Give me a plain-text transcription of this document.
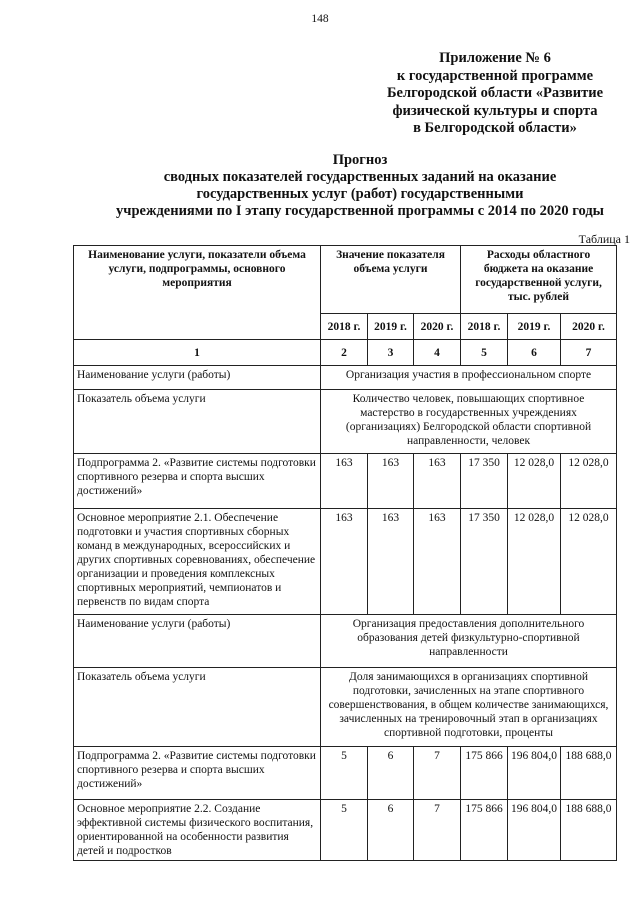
148
Приложение № 6
к государственной программе
Белгородской области «Развитие
физической культуры и спорта
в Белгородской области»
Прогноз
сводных показателей государственных заданий на оказание
государственных услуг (работ) государственными
учреждениями по I этапу государственной программы с 2014 по 2020 годы
Таблица 1
Наименование услуги, показатели объема услуги, подпрограммы, основного мероприятия	Значение показателя объема услуги			Расходы областного бюджета на оказание государственной услуги, тыс. рублей		
	2018 г.	2019 г.	2020 г.	2018 г.	2019 г.	2020 г.
1	2	3	4	5	6	7
Наименование услуги (работы)	Организация участия в профессиональном спорте					
Показатель объема услуги	Количество человек, повышающих спортивное мастерство в государственных учреждениях (организациях) Белгородской области спортивной направленности, человек					
Подпрограмма 2. «Развитие системы подготовки спортивного резерва и спорта высших достижений»	163	163	163	17 350	12 028,0	12 028,0
Основное мероприятие 2.1. Обеспечение подготовки и участия спортивных сборных команд в международных, всероссийских и других спортивных соревнованиях, обеспечение организации и проведения комплексных спортивных мероприятий, чемпионатов и первенств по видам спорта	163	163	163	17 350	12 028,0	12 028,0
Наименование услуги (работы)	Организация предоставления дополнительного образования детей физкультурно-спортивной направленности					
Показатель объема услуги	Доля занимающихся в организациях спортивной подготовки, зачисленных на этапе спортивного совершенствования, в общем количестве занимающихся, зачисленных на тренировочный этап в организациях спортивной подготовки, проценты					
Подпрограмма 2. «Развитие системы подготовки спортивного резерва и спорта высших достижений»	5	6	7	175 866	196 804,0	188 688,0
Основное мероприятие 2.2. Создание эффективной системы физического воспитания, ориентированной на особенности развития детей и подростков	5	6	7	175 866	196 804,0	188 688,0
